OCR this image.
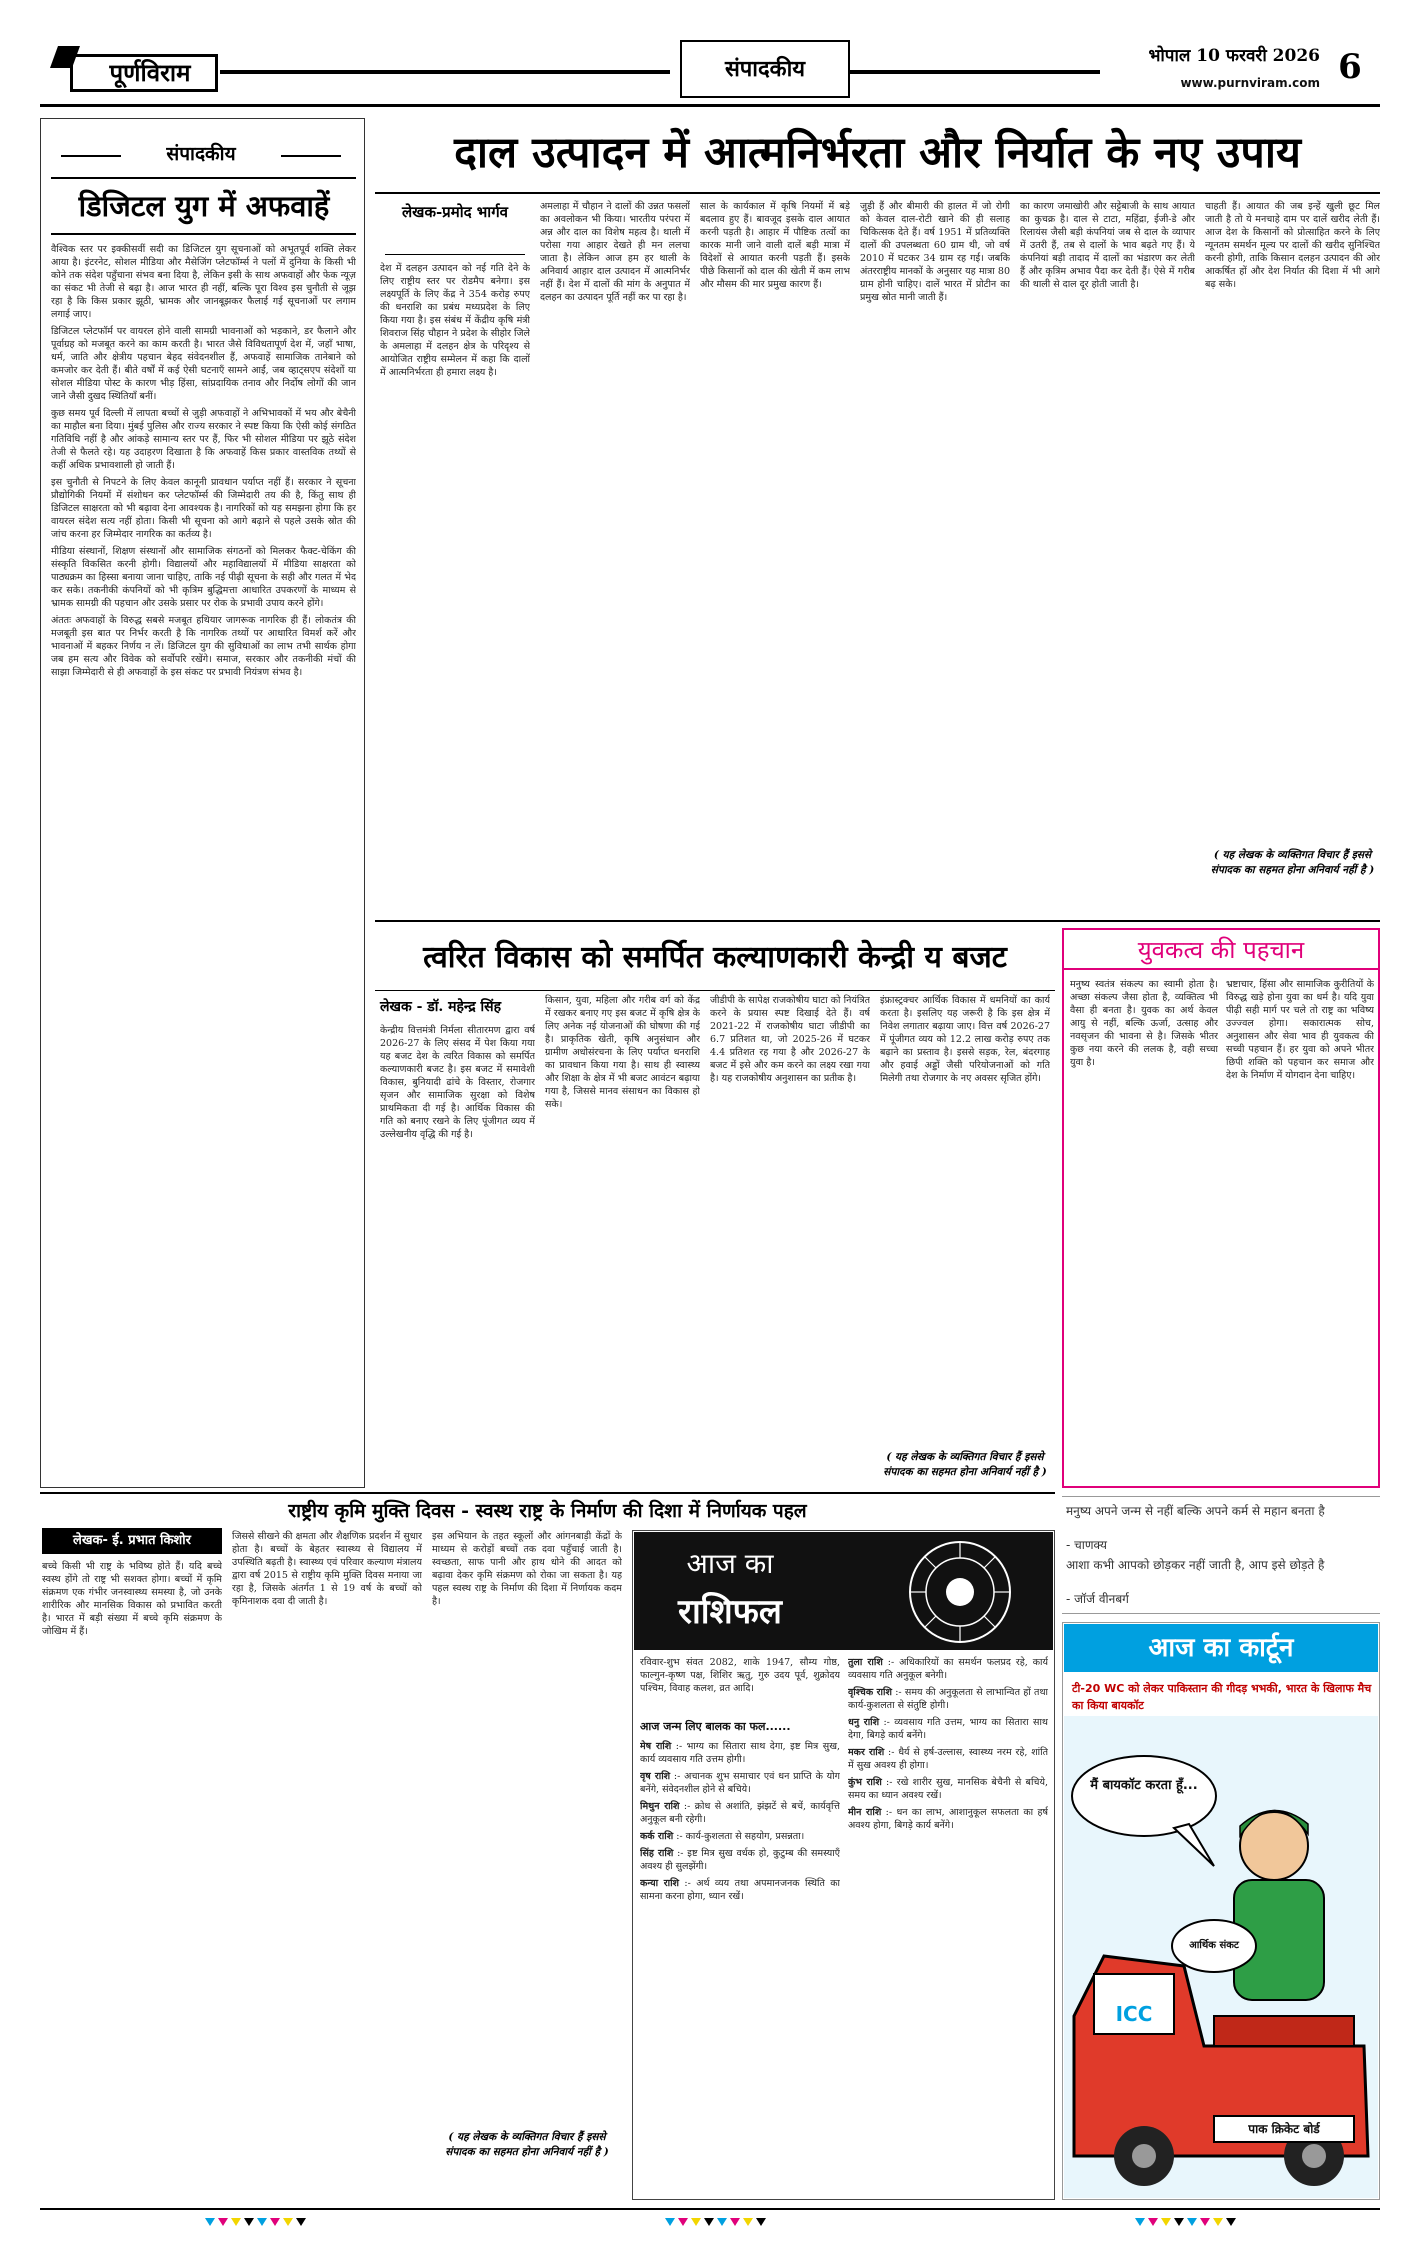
पूर्णविराम	संपादकीय	भोपाल 10 फरवरी 2026
www.purnviram.com 6
संपादकीय
डिजिटल युग में अफवाहें

वैश्विक स्तर पर इक्कीसवीं सदी का डिजिटल युग सूचनाओं को अभूतपूर्व शक्ति लेकर आया है। इंटरनेट, सोशल मीडिया और मैसेजिंग प्लेटफॉर्म्स ने पलों में दुनिया के किसी भी कोने तक संदेश पहुँचाना संभव बना दिया है, लेकिन इसी के साथ अफवाहों और फेक न्यूज़ का संकट भी तेजी से बढ़ा है। आज भारत ही नहीं, बल्कि पूरा विश्व इस चुनौती से जूझ रहा है कि किस प्रकार झूठी, भ्रामक और जानबूझकर फैलाई गई सूचनाओं पर लगाम लगाई जाए।

डिजिटल प्लेटफॉर्म पर वायरल होने वाली सामग्री भावनाओं को भड़काने, डर फैलाने और पूर्वाग्रह को मजबूत करने का काम करती है। भारत जैसे विविधतापूर्ण देश में, जहाँ भाषा, धर्म, जाति और क्षेत्रीय पहचान बेहद संवेदनशील हैं, अफवाहें सामाजिक तानेबाने को कमजोर कर देती हैं। बीते वर्षों में कई ऐसी घटनाएँ सामने आईं, जब व्हाट्सएप संदेशों या सोशल मीडिया पोस्ट के कारण भीड़ हिंसा, सांप्रदायिक तनाव और निर्दोष लोगों की जान जाने जैसी दुखद स्थितियाँ बनीं।

कुछ समय पूर्व दिल्ली में लापता बच्चों से जुड़ी अफवाहों ने अभिभावकों में भय और बेचैनी का माहौल बना दिया। मुंबई पुलिस और राज्य सरकार ने स्पष्ट किया कि ऐसी कोई संगठित गतिविधि नहीं है और आंकड़े सामान्य स्तर पर हैं, फिर भी सोशल मीडिया पर झूठे संदेश तेजी से फैलते रहे। यह उदाहरण दिखाता है कि अफवाहें किस प्रकार वास्तविक तथ्यों से कहीं अधिक प्रभावशाली हो जाती हैं।

इस चुनौती से निपटने के लिए केवल कानूनी प्रावधान पर्याप्त नहीं हैं। सरकार ने सूचना प्रौद्योगिकी नियमों में संशोधन कर प्लेटफॉर्म्स की जिम्मेदारी तय की है, किंतु साथ ही डिजिटल साक्षरता को भी बढ़ावा देना आवश्यक है। नागरिकों को यह समझना होगा कि हर वायरल संदेश सत्य नहीं होता। किसी भी सूचना को आगे बढ़ाने से पहले उसके स्रोत की जांच करना हर जिम्मेदार नागरिक का कर्तव्य है।

मीडिया संस्थानों, शिक्षण संस्थानों और सामाजिक संगठनों को मिलकर फैक्ट-चेकिंग की संस्कृति विकसित करनी होगी। विद्यालयों और महाविद्यालयों में मीडिया साक्षरता को पाठ्यक्रम का हिस्सा बनाया जाना चाहिए, ताकि नई पीढ़ी सूचना के सही और गलत में भेद कर सके। तकनीकी कंपनियों को भी कृत्रिम बुद्धिमत्ता आधारित उपकरणों के माध्यम से भ्रामक सामग्री की पहचान और उसके प्रसार पर रोक के प्रभावी उपाय करने होंगे।

अंततः अफवाहों के विरुद्ध सबसे मजबूत हथियार जागरूक नागरिक ही हैं। लोकतंत्र की मजबूती इस बात पर निर्भर करती है कि नागरिक तथ्यों पर आधारित विमर्श करें और भावनाओं में बहकर निर्णय न लें। डिजिटल युग की सुविधाओं का लाभ तभी सार्थक होगा जब हम सत्य और विवेक को सर्वोपरि रखेंगे। समाज, सरकार और तकनीकी मंचों की साझा जिम्मेदारी से ही अफवाहों के इस संकट पर प्रभावी नियंत्रण संभव है।

दाल उत्पादन में आत्मनिर्भरता और निर्यात के नए उपाय
लेखक-प्रमोद भार्गव
देश में दलहन उत्पादन को नई गति देने के लिए राष्ट्रीय स्तर पर रोडमैप बनेगा। इस लक्ष्यपूर्ति के लिए केंद्र ने 354 करोड़ रुपए की धनराशि का प्रबंध मध्यप्रदेश के लिए किया गया है। इस संबंध में केंद्रीय कृषि मंत्री शिवराज सिंह चौहान ने प्रदेश के सीहोर जिले के अमलाहा में दलहन क्षेत्र के परिदृश्य से आयोजित राष्ट्रीय सम्मेलन में कहा कि दालों में आत्मनिर्भरता ही हमारा लक्ष्य है।
अमलाहा में चौहान ने दालों की उन्नत फसलों का अवलोकन भी किया। भारतीय परंपरा में अन्न और दाल का विशेष महत्व है। थाली में परोसा गया आहार देखते ही मन ललचा जाता है। लेकिन आज हम हर थाली के अनिवार्य आहार दाल उत्पादन में आत्मनिर्भर नहीं हैं। देश में दालों की मांग के अनुपात में दलहन का उत्पादन पूर्ति नहीं कर पा रहा है।
साल के कार्यकाल में कृषि नियमों में बड़े बदलाव हुए हैं। बावजूद इसके दाल आयात करनी पड़ती है। आहार में पौष्टिक तत्वों का कारक मानी जाने वाली दालें बड़ी मात्रा में विदेशों से आयात करनी पड़ती हैं। इसके पीछे किसानों को दाल की खेती में कम लाभ और मौसम की मार प्रमुख कारण हैं।
जुड़ी हैं और बीमारी की हालत में जो रोगी को केवल दाल-रोटी खाने की ही सलाह चिकित्सक देते हैं। वर्ष 1951 में प्रतिव्यक्ति दालों की उपलब्धता 60 ग्राम थी, जो वर्ष 2010 में घटकर 34 ग्राम रह गई। जबकि अंतरराष्ट्रीय मानकों के अनुसार यह मात्रा 80 ग्राम होनी चाहिए। दालें भारत में प्रोटीन का प्रमुख स्रोत मानी जाती हैं।
का कारण जमाखोरी और सट्टेबाजी के साथ आयात का कुचक्र है। दाल से टाटा, महिंद्रा, ईजी-डे और रिलायंस जैसी बड़ी कंपनियां जब से दाल के व्यापार में उतरी हैं, तब से दालों के भाव बढ़ते गए हैं। ये कंपनियां बड़ी तादाद में दालों का भंडारण कर लेती हैं और कृत्रिम अभाव पैदा कर देती हैं। ऐसे में गरीब की थाली से दाल दूर होती जाती है।
चाहती हैं। आयात की जब इन्हें खुली छूट मिल जाती है तो ये मनचाहे दाम पर दालें खरीद लेती हैं। आज देश के किसानों को प्रोत्साहित करने के लिए न्यूनतम समर्थन मूल्य पर दालों की खरीद सुनिश्चित करनी होगी, ताकि किसान दलहन उत्पादन की ओर आकर्षित हों और देश निर्यात की दिशा में भी आगे बढ़ सके।
( यह लेखक के व्यक्तिगत विचार हैं इससे संपादक का सहमत होना अनिवार्य नहीं है )
त्वरित विकास को समर्पित कल्याणकारी केन्द्री य बजट
लेखक - डॉ. महेन्द्र सिंह
केन्द्रीय वित्तमंत्री निर्मला सीतारमण द्वारा वर्ष 2026-27 के लिए संसद में पेश किया गया यह बजट देश के त्वरित विकास को समर्पित कल्याणकारी बजट है। इस बजट में समावेशी विकास, बुनियादी ढांचे के विस्तार, रोजगार सृजन और सामाजिक सुरक्षा को विशेष प्राथमिकता दी गई है। आर्थिक विकास की गति को बनाए रखने के लिए पूंजीगत व्यय में उल्लेखनीय वृद्धि की गई है।
किसान, युवा, महिला और गरीब वर्ग को केंद्र में रखकर बनाए गए इस बजट में कृषि क्षेत्र के लिए अनेक नई योजनाओं की घोषणा की गई है। प्राकृतिक खेती, कृषि अनुसंधान और ग्रामीण अधोसंरचना के लिए पर्याप्त धनराशि का प्रावधान किया गया है। साथ ही स्वास्थ्य और शिक्षा के क्षेत्र में भी बजट आवंटन बढ़ाया गया है, जिससे मानव संसाधन का विकास हो सके।
जीडीपी के सापेक्ष राजकोषीय घाटा को नियंत्रित करने के प्रयास स्पष्ट दिखाई देते हैं। वर्ष 2021-22 में राजकोषीय घाटा जीडीपी का 6.7 प्रतिशत था, जो 2025-26 में घटकर 4.4 प्रतिशत रह गया है और 2026-27 के बजट में इसे और कम करने का लक्ष्य रखा गया है। यह राजकोषीय अनुशासन का प्रतीक है।
इंफ्रास्ट्रक्चर आर्थिक विकास में धमनियों का कार्य करता है। इसलिए यह जरूरी है कि इस क्षेत्र में निवेश लगातार बढ़ाया जाए। वित्त वर्ष 2026-27 में पूंजीगत व्यय को 12.2 लाख करोड़ रुपए तक बढ़ाने का प्रस्ताव है। इससे सड़क, रेल, बंदरगाह और हवाई अड्डों जैसी परियोजनाओं को गति मिलेगी तथा रोजगार के नए अवसर सृजित होंगे।
( यह लेखक के व्यक्तिगत विचार हैं इससे संपादक का सहमत होना अनिवार्य नहीं है )
युवकत्व की पहचान
मनुष्य स्वतंत्र संकल्प का स्वामी होता है। अच्छा संकल्प जैसा होता है, व्यक्तित्व भी वैसा ही बनता है। युवक का अर्थ केवल आयु से नहीं, बल्कि ऊर्जा, उत्साह और नवसृजन की भावना से है। जिसके भीतर कुछ नया करने की ललक है, वही सच्चा युवा है।
भ्रष्टाचार, हिंसा और सामाजिक कुरीतियों के विरुद्ध खड़े होना युवा का धर्म है। यदि युवा पीढ़ी सही मार्ग पर चले तो राष्ट्र का भविष्य उज्ज्वल होगा। सकारात्मक सोच, अनुशासन और सेवा भाव ही युवकत्व की सच्ची पहचान हैं। हर युवा को अपने भीतर छिपी शक्ति को पहचान कर समाज और देश के निर्माण में योगदान देना चाहिए।
मनुष्य अपने जन्म से नहीं बल्कि अपने कर्म से महान बनता है
- चाणक्य
आशा कभी आपको छोड़कर नहीं जाती है, आप इसे छोड़ते है
- जॉर्ज वीनबर्ग
राष्ट्रीय कृमि मुक्ति दिवस - स्वस्थ राष्ट्र के निर्माण की दिशा में निर्णायक पहल
लेखक- ई. प्रभात किशोर
बच्चे किसी भी राष्ट्र के भविष्य होते हैं। यदि बच्चे स्वस्थ होंगे तो राष्ट्र भी सशक्त होगा। बच्चों में कृमि संक्रमण एक गंभीर जनस्वास्थ्य समस्या है, जो उनके शारीरिक और मानसिक विकास को प्रभावित करती है। भारत में बड़ी संख्या में बच्चे कृमि संक्रमण के जोखिम में हैं।
जिससे सीखने की क्षमता और शैक्षणिक प्रदर्शन में सुधार होता है। बच्चों के बेहतर स्वास्थ्य से विद्यालय में उपस्थिति बढ़ती है। स्वास्थ्य एवं परिवार कल्याण मंत्रालय द्वारा वर्ष 2015 से राष्ट्रीय कृमि मुक्ति दिवस मनाया जा रहा है, जिसके अंतर्गत 1 से 19 वर्ष के बच्चों को कृमिनाशक दवा दी जाती है।
इस अभियान के तहत स्कूलों और आंगनबाड़ी केंद्रों के माध्यम से करोड़ों बच्चों तक दवा पहुँचाई जाती है। स्वच्छता, साफ पानी और हाथ धोने की आदत को बढ़ावा देकर कृमि संक्रमण को रोका जा सकता है। यह पहल स्वस्थ राष्ट्र के निर्माण की दिशा में निर्णायक कदम है।
( यह लेखक के व्यक्तिगत विचार हैं इससे संपादक का सहमत होना अनिवार्य नहीं है )
आज का
राशिफल
रविवार-शुभ संवत 2082, शाके 1947, सौम्य गोष्ठ, फाल्गुन-कृष्ण पक्ष, शिशिर ऋतु, गुरु उदय पूर्व, शुक्रोदय पश्चिम, विवाह कलश, व्रत आदि।
आज जन्म लिए बालक का फल......

मेष राशि :- भाग्य का सितारा साथ देगा, इष्ट मित्र सुख, कार्य व्यवसाय गति उत्तम होगी।

वृष राशि :- अचानक शुभ समाचार एवं धन प्राप्ति के योग बनेंगे, संवेदनशील होने से बचिये।

मिथुन राशि :- क्रोध से अशांति, झंझटें से बचें, कार्यवृत्ति अनुकूल बनी रहेगी।

कर्क राशि :- कार्य-कुशलता से सहयोग, प्रसन्नता।

सिंह राशि :- इष्ट मित्र सुख वर्धक हो, कुटुम्ब की समस्याएँ अवश्य ही सुलझेंगी।

कन्या राशि :- अर्थ व्यय तथा अपमानजनक स्थिति का सामना करना होगा, ध्यान रखें।

तुला राशि :- अधिकारियों का समर्थन फलप्रद रहे, कार्य व्यवसाय गति अनुकूल बनेगी।

वृश्चिक राशि :- समय की अनुकूलता से लाभान्वित हों तथा कार्य-कुशलता से संतुष्टि होगी।

धनु राशि :- व्यवसाय गति उत्तम, भाग्य का सितारा साथ देगा, बिगड़े कार्य बनेंगे।

मकर राशि :- धैर्य से हर्ष-उल्लास, स्वास्थ्य नरम रहे, शांति में सुख अवश्य ही होगा।

कुंभ राशि :- रखे शारीर सुख, मानसिक बेचैनी से बचिये, समय का ध्यान अवश्य रखें।

मीन राशि :- धन का लाभ, आशानुकूल सफलता का हर्ष अवश्य होगा, बिगड़े कार्य बनेंगे।

आज का कार्टून
टी-20 WC को लेकर पाकिस्तान की गीदड़ भभकी, भारत के खिलाफ मैच का किया बायकॉट
मैं बायकॉट करता हूँ...
आर्थिक संकट
ICC
पाक क्रिकेट बोर्ड
